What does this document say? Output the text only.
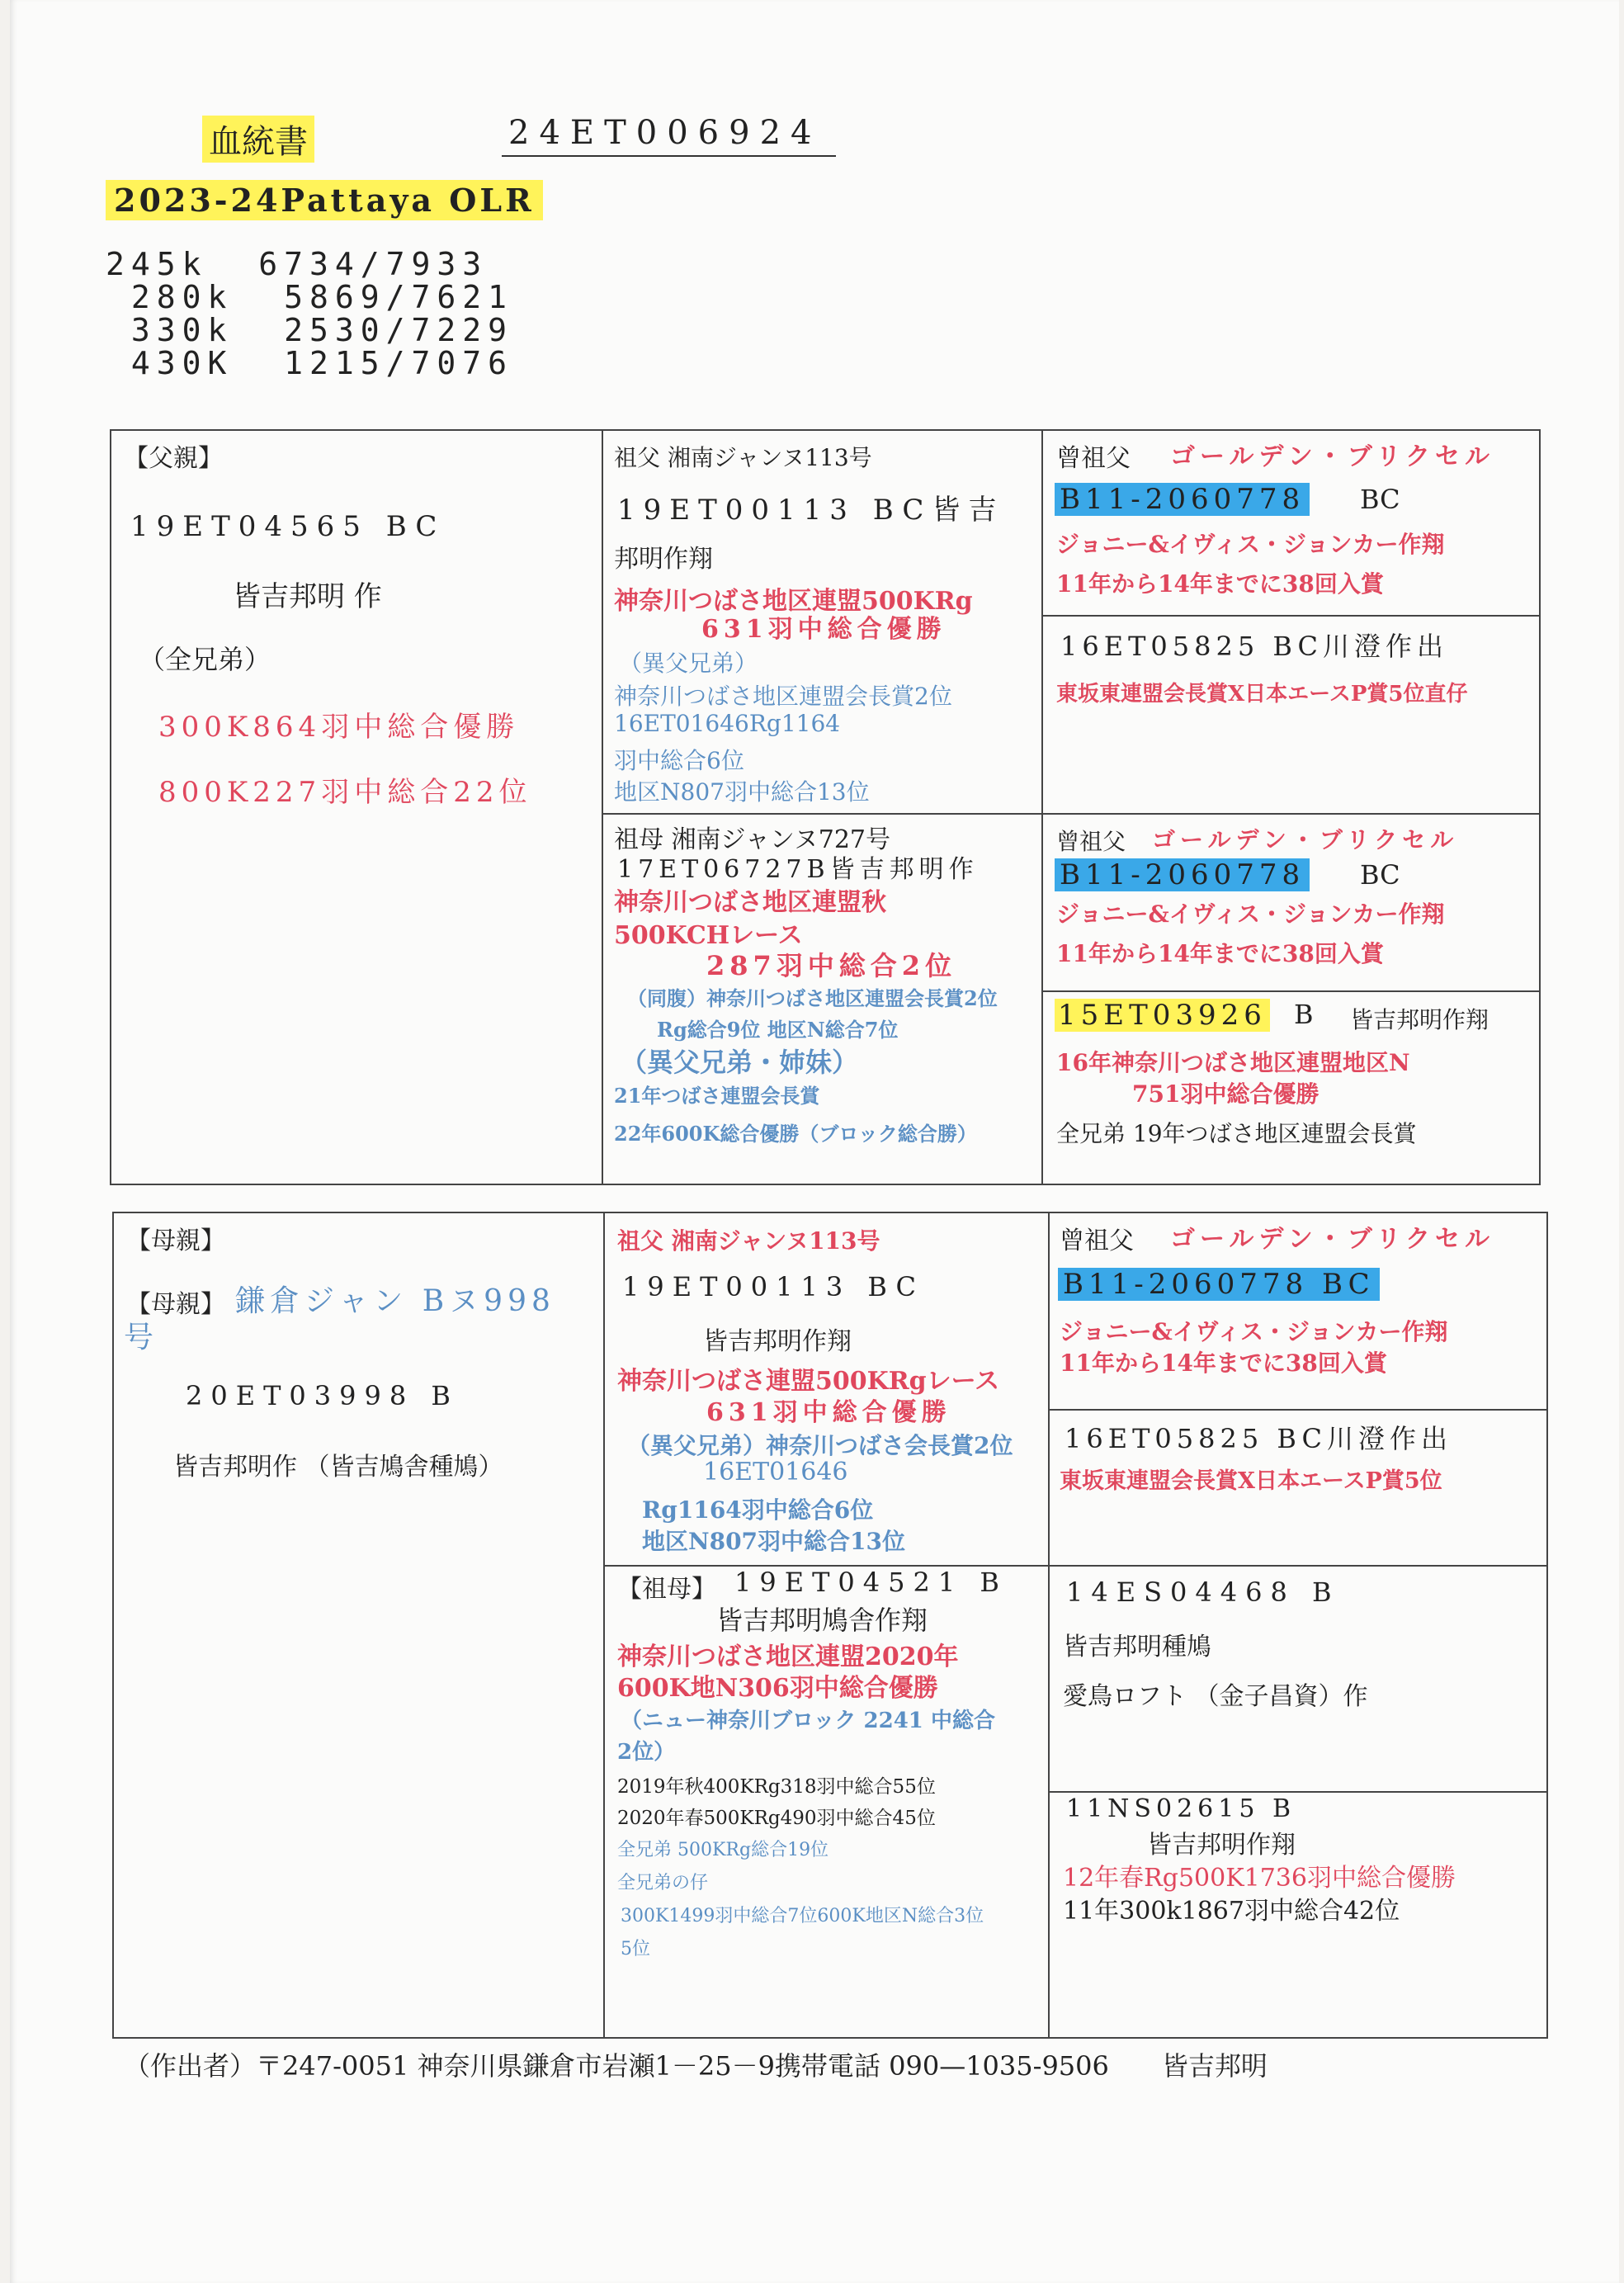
血統書	24ET006924
2023-24Pattaya OLR
245k  6734/7933
280k  5869/7621
330k  2530/7229
430K  1215/7076
【父親】
19ET04565 BC
皆吉邦明 作
（全兄弟）
300K864羽中総合優勝
800K227羽中総合22位
祖父 湘南ジャンヌ113号
19ET00113 BC皆吉
邦明作翔
神奈川つばさ地区連盟500KRg
631羽中総合優勝
（異父兄弟）
神奈川つばさ地区連盟会長賞2位
16ET01646Rg1164
羽中総合6位
地区N807羽中総合13位
曾祖父 ゴールデン・ブリクセル
B11-2060778 BC
ジョニー&イヴィス・ジョンカー作翔
11年から14年までに38回入賞
16ET05825 BC川澄作出
東坂東連盟会長賞X日本エースP賞5位直仔
祖母 湘南ジャンヌ727号
17ET06727B皆吉邦明作
神奈川つばさ地区連盟秋
500KCHレース
287羽中総合2位
（同腹）神奈川つばさ地区連盟会長賞2位
Rg総合9位 地区N総合7位
（異父兄弟・姉妹）
21年つばさ連盟会長賞
22年600K総合優勝（ブロック総合勝）
曾祖父 ゴールデン・ブリクセル
B11-2060778 BC
ジョニー&イヴィス・ジョンカー作翔
11年から14年までに38回入賞
15ET03926 B 皆吉邦明作翔
16年神奈川つばさ地区連盟地区N
751羽中総合優勝
全兄弟 19年つばさ地区連盟会長賞
【母親】
【母親】 鎌倉ジャン Bヌ998
号
20ET03998 B
皆吉邦明作 （皆吉鳩舎種鳩）
祖父 湘南ジャンヌ113号
19ET00113 BC
皆吉邦明作翔
神奈川つばさ連盟500KRgレース
631羽中総合優勝
（異父兄弟）神奈川つばさ会長賞2位
16ET01646
Rg1164羽中総合6位
地区N807羽中総合13位
曾祖父 ゴールデン・ブリクセル
B11-2060778 BC
ジョニー&イヴィス・ジョンカー作翔
11年から14年までに38回入賞
16ET05825 BC川澄作出
東坂東連盟会長賞X日本エースP賞5位
【祖母】 19ET04521 B
皆吉邦明鳩舎作翔
神奈川つばさ地区連盟2020年
600K地N306羽中総合優勝
（ニュー神奈川ブロック 2241 中総合
2位）
2019年秋400KRg318羽中総合55位
2020年春500KRg490羽中総合45位
全兄弟 500KRg総合19位
全兄弟の仔
300K1499羽中総合7位600K地区N総合3位
5位
14ES04468 B
皆吉邦明種鳩
愛鳥ロフト （金子昌資）作
11NS02615 B
皆吉邦明作翔
12年春Rg500K1736羽中総合優勝
11年300k1867羽中総合42位
（作出者）〒247-0051 神奈川県鎌倉市岩瀬1－25－9携帯電話 090—1035-9506　　皆吉邦明
